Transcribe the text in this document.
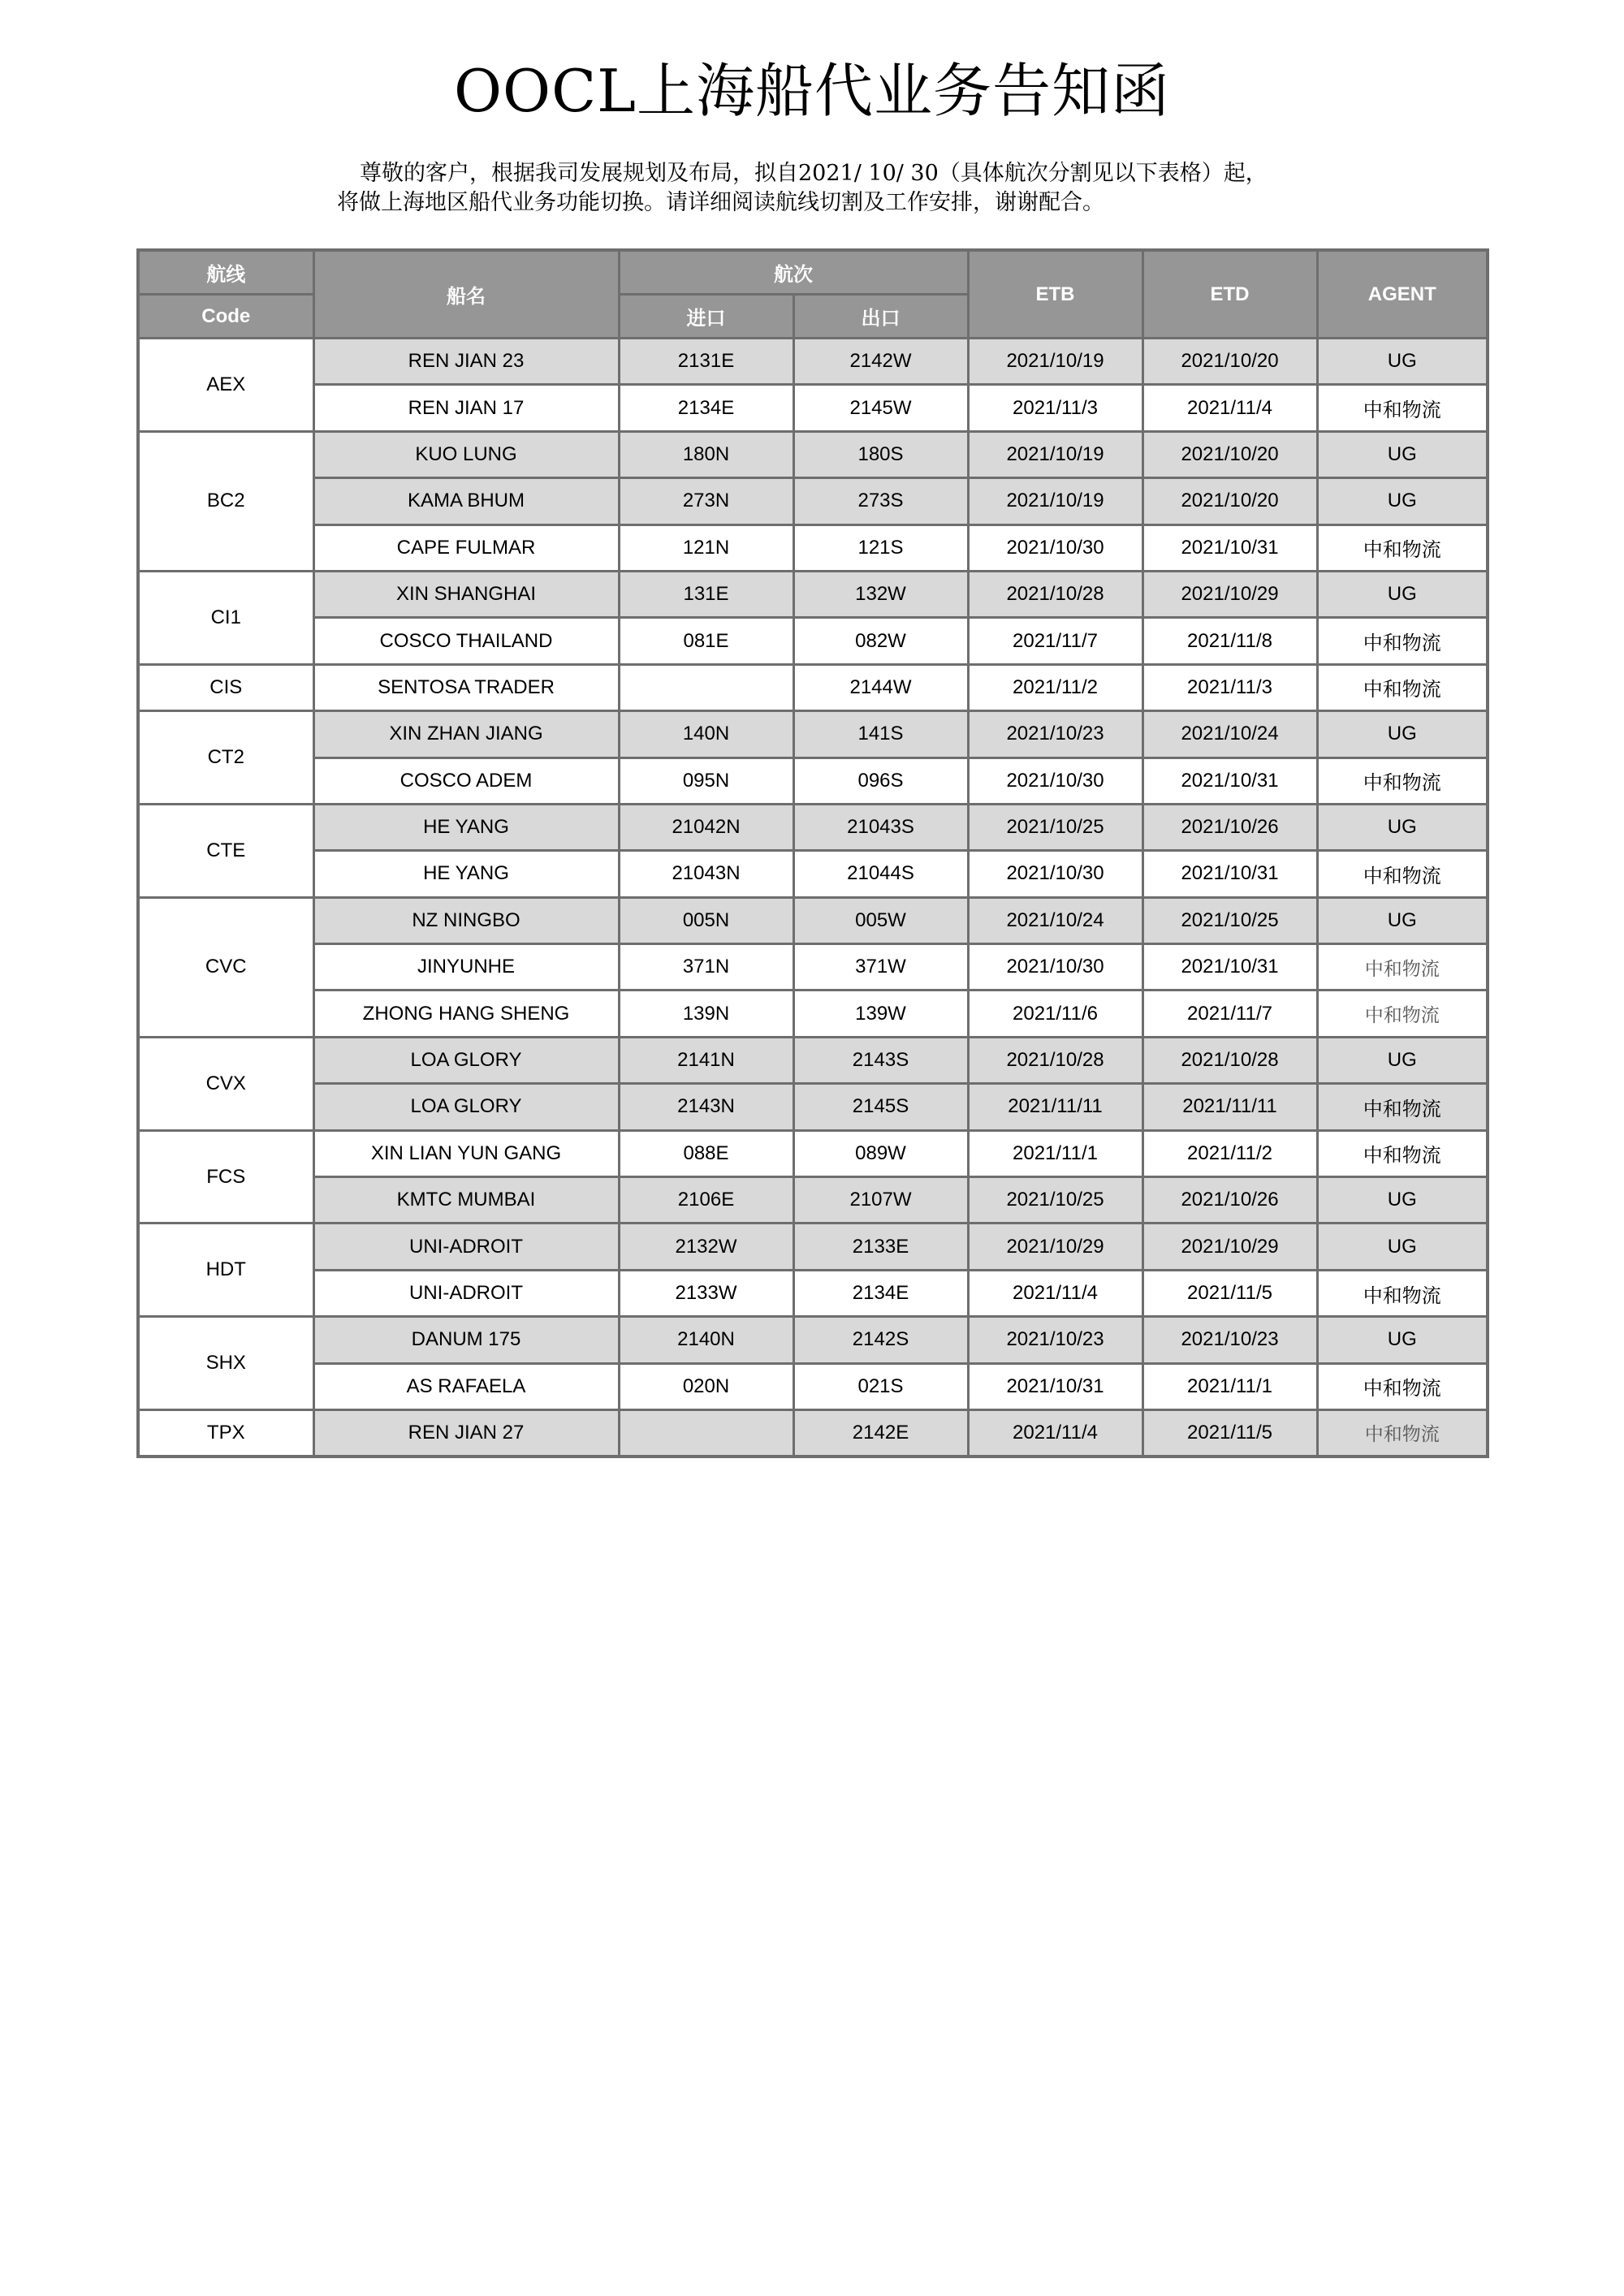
OOCL上海船代业务告知函

尊敬的客户，根据我司发展规划及布局，拟自2021/ 10/ 30（具体航次分割见以下表格）起，

将做上海地区船代业务功能切换。请详细阅读航线切割及工作安排，谢谢配合。

航线	船名	航次		ETB	ETD	AGENT
Code		进口	出口			
AEX	REN JIAN 23	2131E	2142W	2021/10/19	2021/10/20	UG
	REN JIAN 17	2134E	2145W	2021/11/3	2021/11/4	中和物流
BC2	KUO LUNG	180N	180S	2021/10/19	2021/10/20	UG
	KAMA BHUM	273N	273S	2021/10/19	2021/10/20	UG
	CAPE FULMAR	121N	121S	2021/10/30	2021/10/31	中和物流
CI1	XIN SHANGHAI	131E	132W	2021/10/28	2021/10/29	UG
	COSCO THAILAND	081E	082W	2021/11/7	2021/11/8	中和物流
CIS	SENTOSA TRADER		2144W	2021/11/2	2021/11/3	中和物流
CT2	XIN ZHAN JIANG	140N	141S	2021/10/23	2021/10/24	UG
	COSCO ADEM	095N	096S	2021/10/30	2021/10/31	中和物流
CTE	HE YANG	21042N	21043S	2021/10/25	2021/10/26	UG
	HE YANG	21043N	21044S	2021/10/30	2021/10/31	中和物流
CVC	NZ NINGBO	005N	005W	2021/10/24	2021/10/25	UG
	JINYUNHE	371N	371W	2021/10/30	2021/10/31	中和物流
	ZHONG HANG SHENG	139N	139W	2021/11/6	2021/11/7	中和物流
CVX	LOA GLORY	2141N	2143S	2021/10/28	2021/10/28	UG
	LOA GLORY	2143N	2145S	2021/11/11	2021/11/11	中和物流
FCS	XIN LIAN YUN GANG	088E	089W	2021/11/1	2021/11/2	中和物流
	KMTC MUMBAI	2106E	2107W	2021/10/25	2021/10/26	UG
HDT	UNI-ADROIT	2132W	2133E	2021/10/29	2021/10/29	UG
	UNI-ADROIT	2133W	2134E	2021/11/4	2021/11/5	中和物流
SHX	DANUM 175	2140N	2142S	2021/10/23	2021/10/23	UG
	AS RAFAELA	020N	021S	2021/10/31	2021/11/1	中和物流
TPX	REN JIAN 27		2142E	2021/11/4	2021/11/5	中和物流
